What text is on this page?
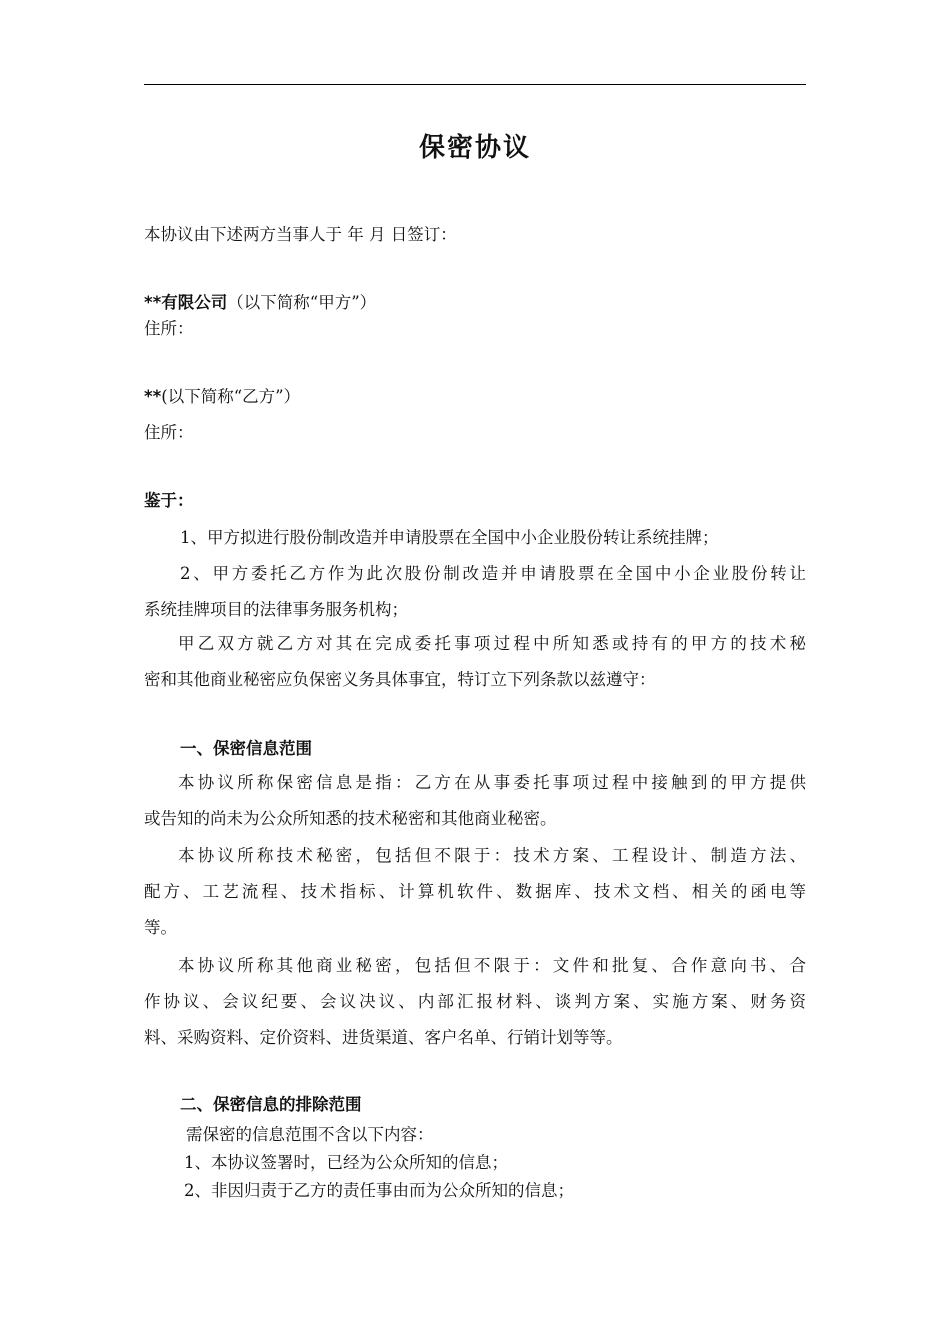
保密协议
本协议由下述两方当事人于 年 月 日签订：
**有限公司（以下简称“甲方”）
住所：
**(以下简称“乙方”）
住所：
鉴于：
1、甲方拟进行股份制改造并申请股票在全国中小企业股份转让系统挂牌；
2、甲方委托乙方作为此次股份制改造并申请股票在全国中小企业股份转让
系统挂牌项目的法律事务服务机构；
甲乙双方就乙方对其在完成委托事项过程中所知悉或持有的甲方的技术秘
密和其他商业秘密应负保密义务具体事宜，特订立下列条款以兹遵守：
一、保密信息范围
本协议所称保密信息是指：乙方在从事委托事项过程中接触到的甲方提供
或告知的尚未为公众所知悉的技术秘密和其他商业秘密。
本协议所称技术秘密，包括但不限于：技术方案、工程设计、制造方法、
配方、工艺流程、技术指标、计算机软件、数据库、技术文档、相关的函电等
等。
本协议所称其他商业秘密，包括但不限于：文件和批复、合作意向书、合
作协议、会议纪要、会议决议、内部汇报材料、谈判方案、实施方案、财务资
料、采购资料、定价资料、进货渠道、客户名单、行销计划等等。
二、保密信息的排除范围
需保密的信息范围不含以下内容：
1、本协议签署时，已经为公众所知的信息；
2、非因归责于乙方的责任事由而为公众所知的信息；
